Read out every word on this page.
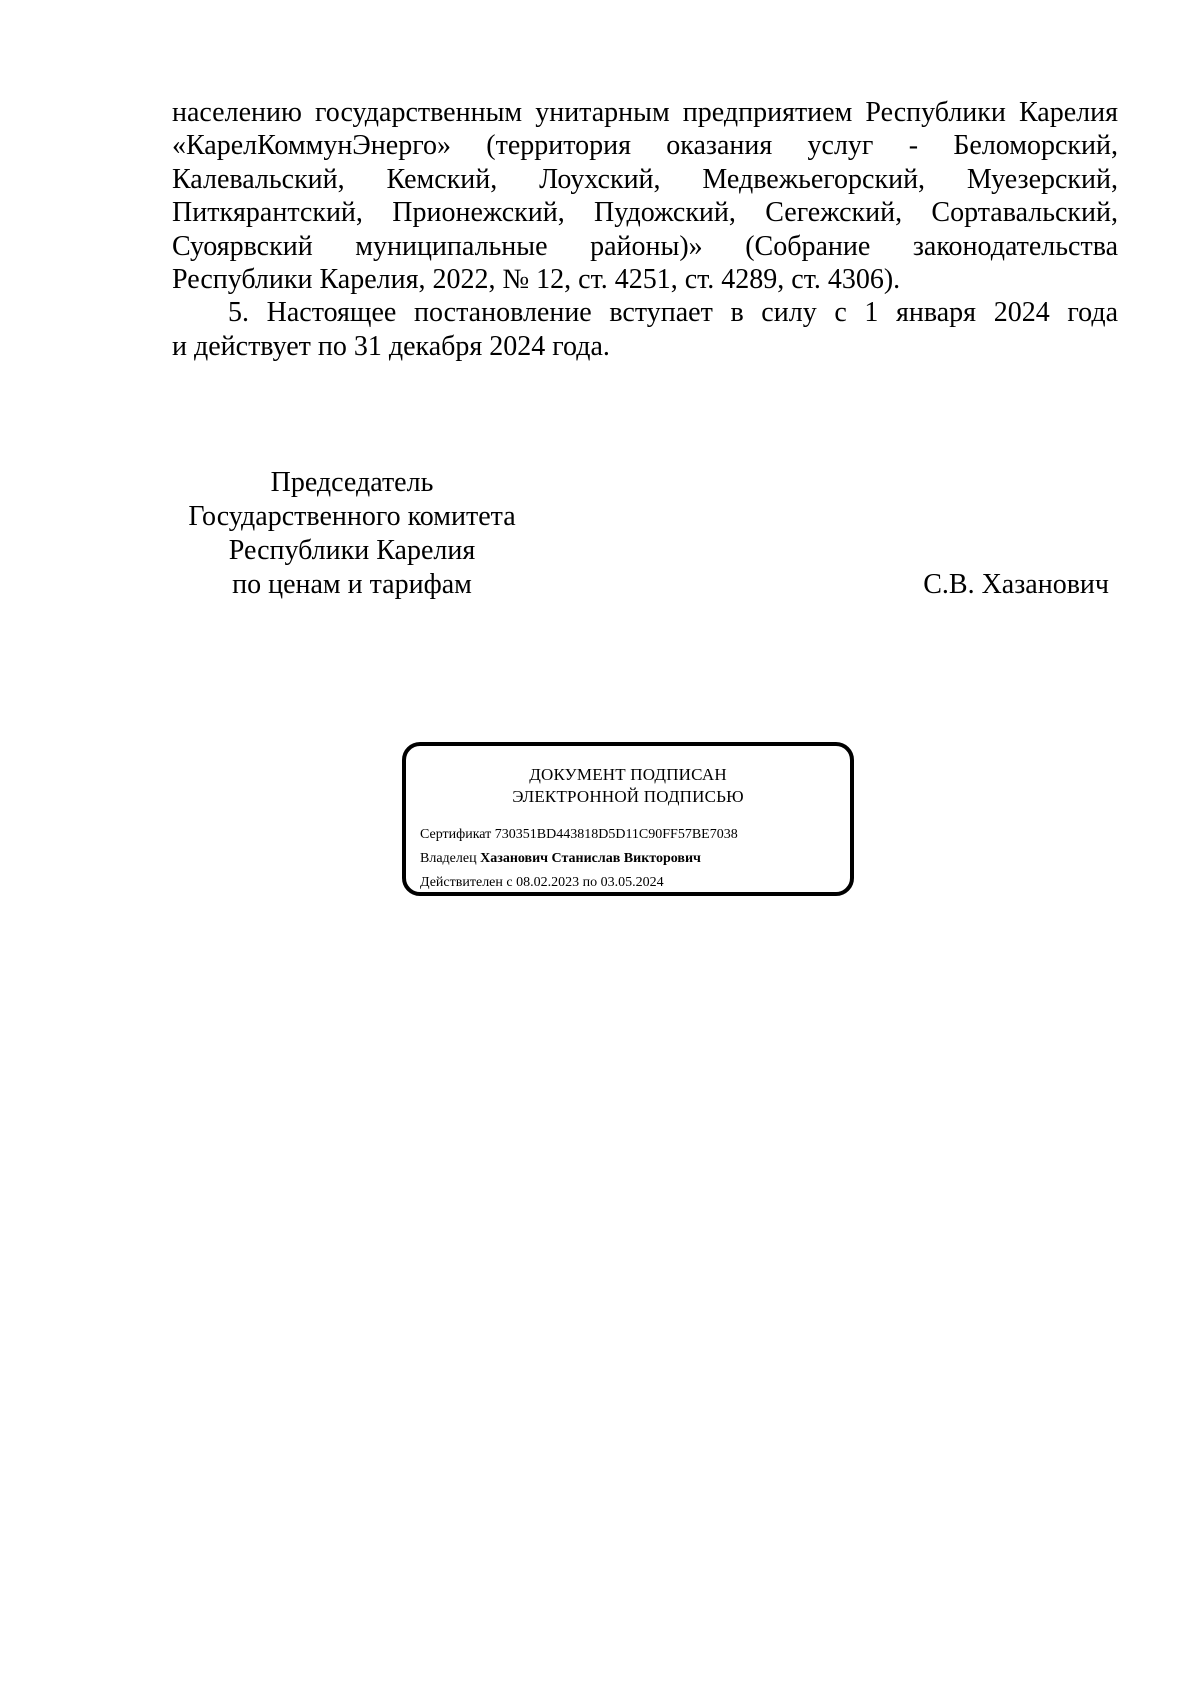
населению государственным унитарным предприятием Республики Карелия
«КарелКоммунЭнерго» (территория оказания услуг - Беломорский,
Калевальский, Кемский, Лоухский, Медвежьегорский, Муезерский,
Питкярантский, Прионежский, Пудожский, Сегежский, Сортавальский,
Суоярвский муниципальные районы)» (Собрание законодательства
Республики Карелия, 2022, № 12, ст. 4251, ст. 4289, ст. 4306).
5. Настоящее постановление вступает в силу с 1 января 2024 года
и действует по 31 декабря 2024 года.
Председатель
Государственного комитета
Республики Карелия
по ценам и тарифам	С.В. Хазанович
ДОКУМЕНТ ПОДПИСАН
ЭЛЕКТРОННОЙ ПОДПИСЬЮ
Сертификат 730351BD443818D5D11C90FF57BE7038
Владелец Хазанович Станислав Викторович
Действителен с 08.02.2023 по 03.05.2024
